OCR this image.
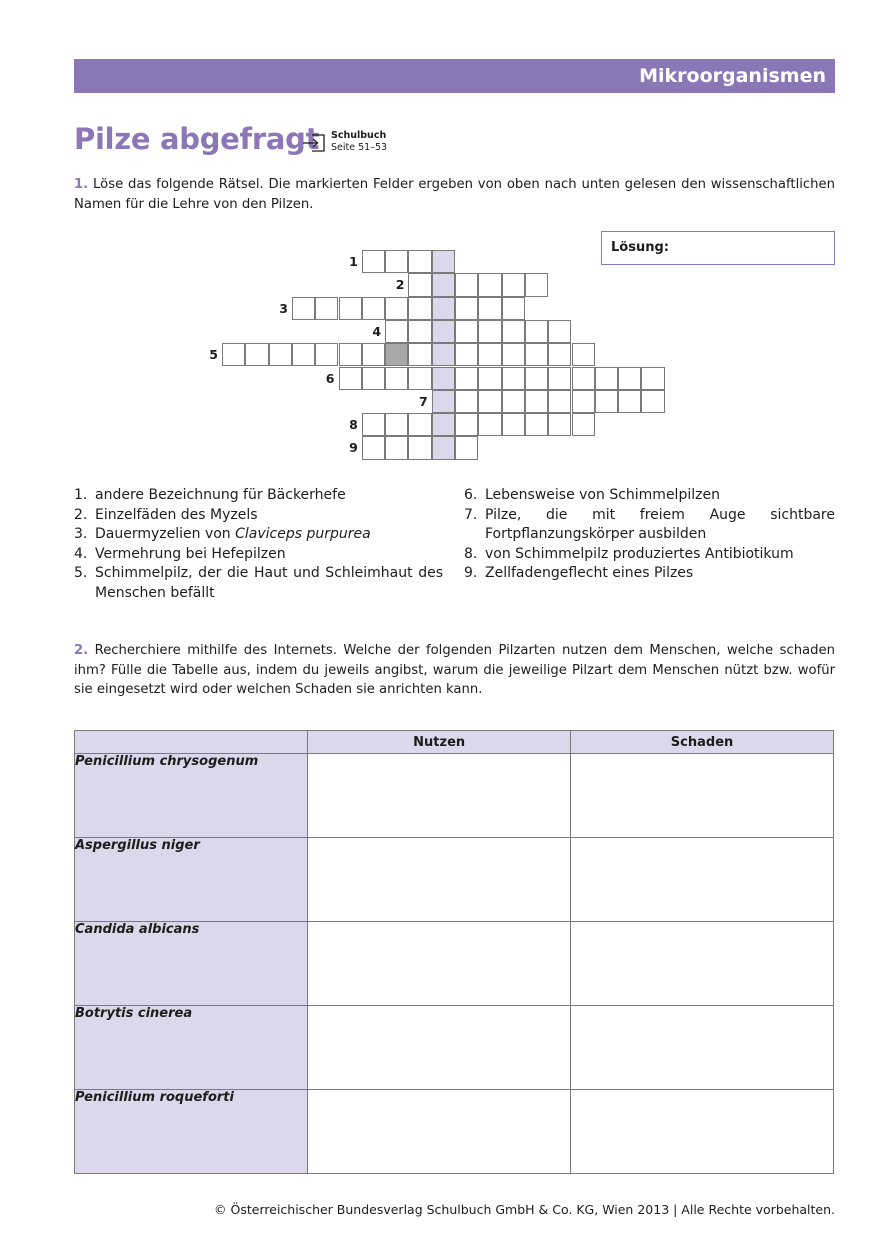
Mikroorganismen
Pilze abgefragt Schulbuch
Seite 51–53

1. Löse das folgende Rätsel. Die markierten Felder ergeben von oben nach unten gelesen den wissenschaftlichen Namen für die Lehre von den Pilzen.

Lösung:
1
2
3
4
5
6
7
8
9
1. andere Bezeichnung für Bäckerhefe
2. Einzelfäden des Myzels
3. Dauermyzelien von Claviceps purpurea
4. Vermehrung bei Hefepilzen
5. Schimmelpilz, der die Haut und Schleimhaut des Menschen befällt
6. Lebensweise von Schimmelpilzen
7. Pilze, die mit freiem Auge sichtbare Fortpflanzungskörper ausbilden
8. von Schimmelpilz produziertes Antibiotikum
9. Zellfadengeflecht eines Pilzes

2. Recherchiere mithilfe des Internets. Welche der folgenden Pilzarten nutzen dem Menschen, welche schaden ihm? Fülle die Tabelle aus, indem du jeweils angibst, warum die jeweilige Pilzart dem Menschen nützt bzw. wofür sie eingesetzt wird oder welchen Schaden sie anrichten kann.

	Nutzen	Schaden
Penicillium chrysogenum		
Aspergillus niger		
Candida albicans		
Botrytis cinerea		
Penicillium roqueforti		
© Österreichischer Bundesverlag Schulbuch GmbH & Co. KG, Wien 2013 | Alle Rechte vorbehalten.
